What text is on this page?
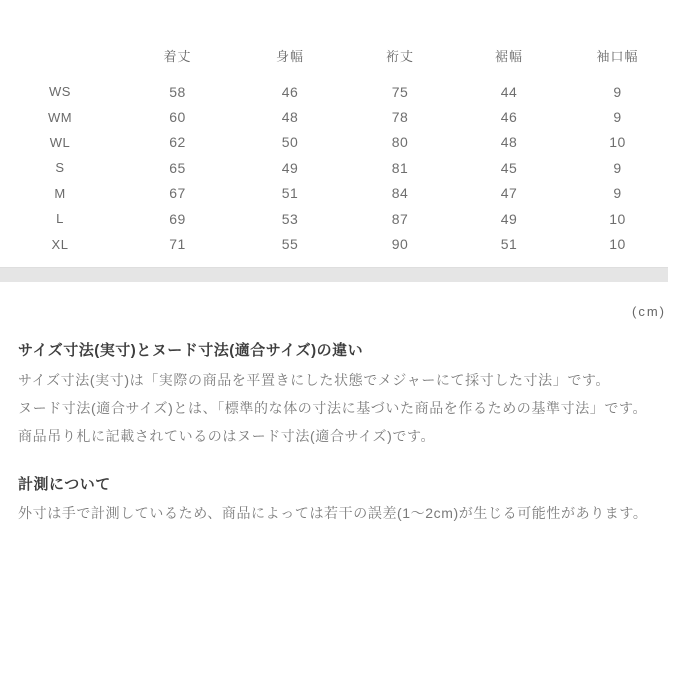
	着丈	身幅	裄丈	裾幅	袖口幅
WS	58	46	75	44	9
WM	60	48	78	46	9
WL	62	50	80	48	10
S	65	49	81	45	9
M	67	51	84	47	9
L	69	53	87	49	10
XL	71	55	90	51	10
(cm)
サイズ寸法(実寸)とヌード寸法(適合サイズ)の違い
サイズ寸法(実寸)は「実際の商品を平置きにした状態でメジャーにて採寸した寸法」です。
ヌード寸法(適合サイズ)とは、「標準的な体の寸法に基づいた商品を作るための基準寸法」です。
商品吊り札に記載されているのはヌード寸法(適合サイズ)です。
計測について
外寸は手で計測しているため、商品によっては若干の誤差(1〜2cm)が生じる可能性があります。
